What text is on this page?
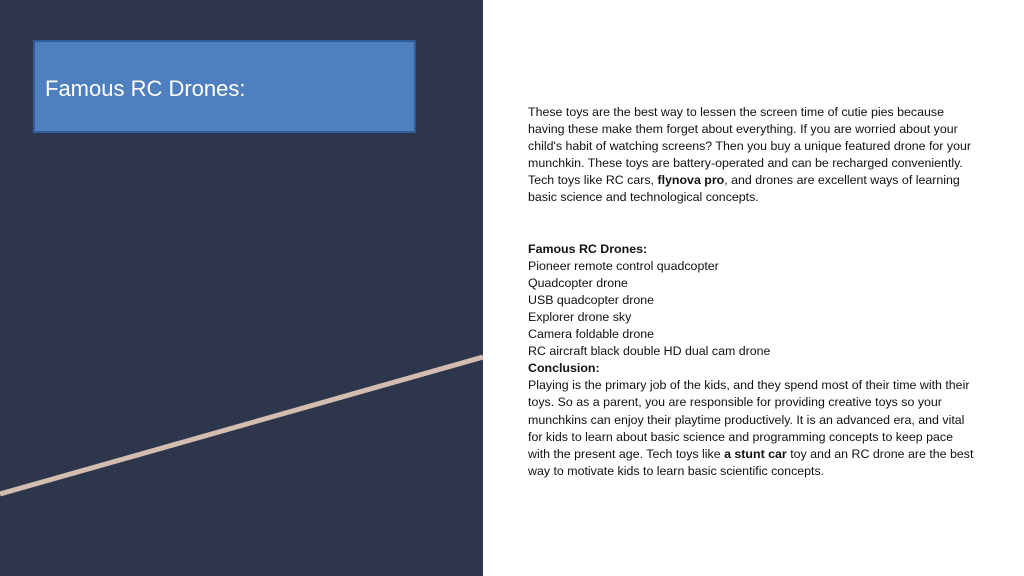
Famous RC Drones:

These toys are the best way to lessen the screen time of cutie pies because having these make them forget about everything. If you are worried about your child's habit of watching screens? Then you buy a unique featured drone for your munchkin. These toys are battery-operated and can be recharged conveniently. Tech toys like RC cars, flynova pro, and drones are excellent ways of learning basic science and technological concepts.

Famous RC Drones:

Pioneer remote control quadcopter

Quadcopter drone

USB quadcopter drone

Explorer drone sky

Camera foldable drone

RC aircraft black double HD dual cam drone

Conclusion:

Playing is the primary job of the kids, and they spend most of their time with their toys. So as a parent, you are responsible for providing creative toys so your munchkins can enjoy their playtime productively. It is an advanced era, and vital for kids to learn about basic science and programming concepts to keep pace with the present age. Tech toys like a stunt car toy and an RC drone are the best way to motivate kids to learn basic scientific concepts.
